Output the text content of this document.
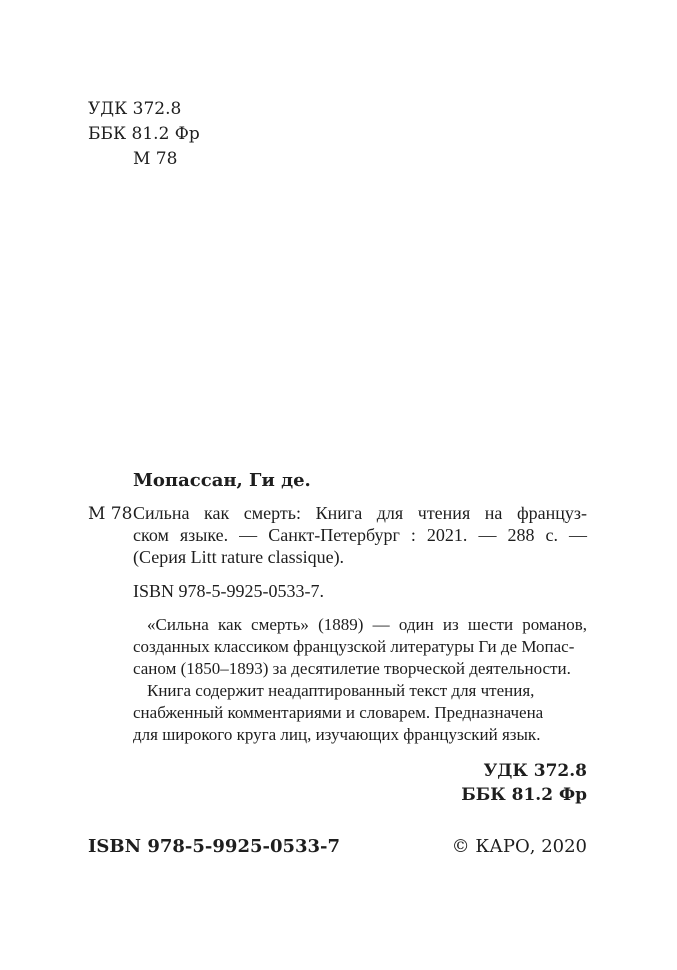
УДК 372.8
ББК 81.2 Фр
М 78
Мопассан, Ги де.
М 78 Сильна как смерть: Книга для чтения на француз-
ском языке. — Санкт-Петербург : 2021. — 288 с. —
(Серия Litt rature classique).
ISBN 978-5-9925-0533-7.
«Сильна как смерть» (1889) — один из шести романов,
созданных классиком французской литературы Ги де Мопас-
саном (1850–1893) за десятилетие творческой деятельности.
Книга содержит неадаптированный текст для чтения,
снабженный комментариями и словарем. Предназначена
для широкого круга лиц, изучающих французский язык.
УДК 372.8
ББК 81.2 Фр
ISBN 978-5-9925-0533-7	© КАРО, 2020
